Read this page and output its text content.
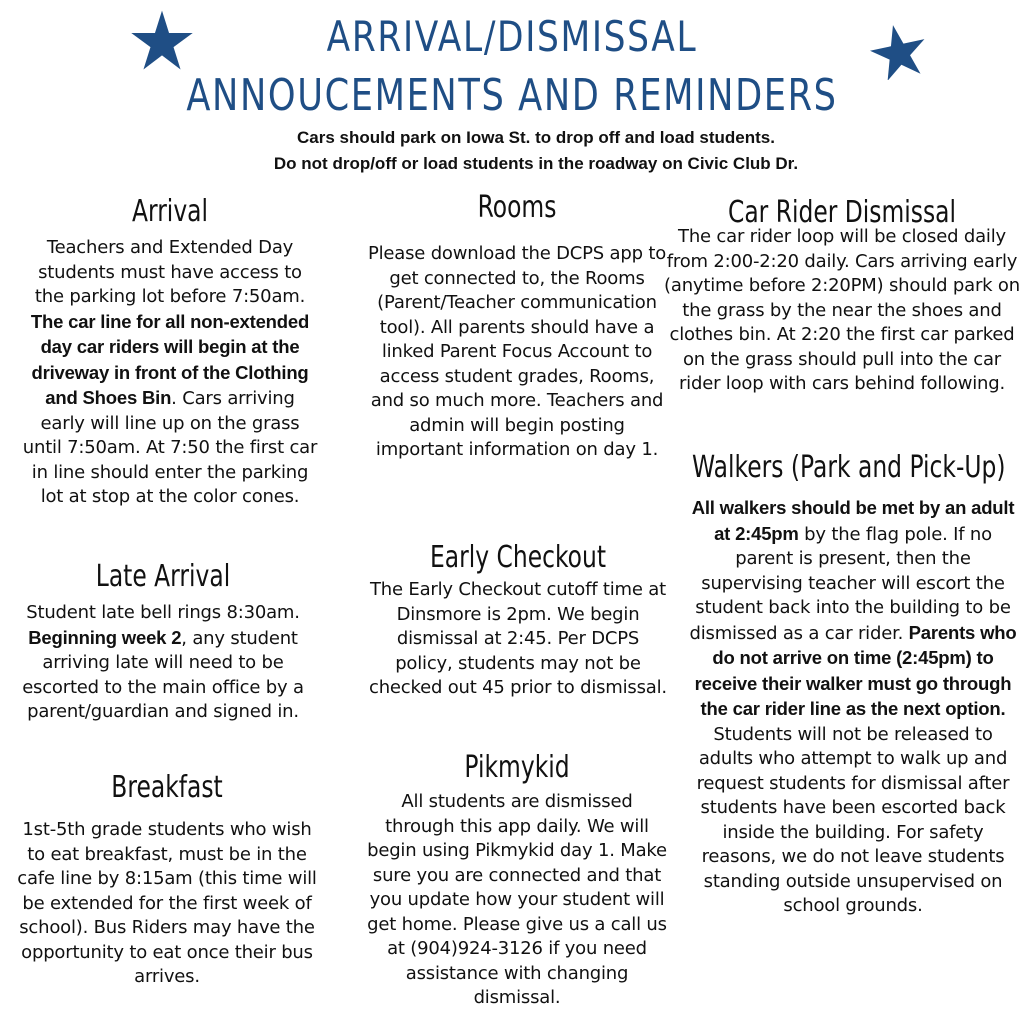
ARRIVAL/DISMISSAL
ANNOUCEMENTS AND REMINDERS

Cars should park on Iowa St. to drop off and load students.

Do not drop/off or load students in the roadway on Civic Club Dr.

Arrival

Teachers and Extended Day students must have access to the parking lot before 7:50am. The car line for all non-extended day car riders will begin at the driveway in front of the Clothing and Shoes Bin. Cars arriving early will line up on the grass until 7:50am. At 7:50 the first car in line should enter the parking lot at stop at the color cones.

Late Arrival

Student late bell rings 8:30am. Beginning week 2, any student arriving late will need to be escorted to the main office by a parent/guardian and signed in.

Breakfast

1st-5th grade students who wish to eat breakfast, must be in the cafe line by 8:15am (this time will be extended for the first week of school). Bus Riders may have the opportunity to eat once their bus arrives.

Rooms

Please download the DCPS app to get connected to, the Rooms (Parent/Teacher communication tool). All parents should have a linked Parent Focus Account to access student grades, Rooms, and so much more. Teachers and admin will begin posting important information on day 1.

Early Checkout

The Early Checkout cutoff time at Dinsmore is 2pm. We begin dismissal at 2:45. Per DCPS policy, students may not be checked out 45 prior to dismissal.

Pikmykid

All students are dismissed through this app daily. We will begin using Pikmykid day 1. Make sure you are connected and that you update how your student will get home. Please give us a call us at (904)924-3126 if you need assistance with changing dismissal.

Car Rider Dismissal

The car rider loop will be closed daily from 2:00-2:20 daily. Cars arriving early (anytime before 2:20PM) should park on the grass by the near the shoes and clothes bin. At 2:20 the first car parked on the grass should pull into the car rider loop with cars behind following.

Walkers (Park and Pick-Up)

All walkers should be met by an adult at 2:45pm by the flag pole. If no parent is present, then the supervising teacher will escort the student back into the building to be dismissed as a car rider. Parents who do not arrive on time (2:45pm) to receive their walker must go through the car rider line as the next option. Students will not be released to adults who attempt to walk up and request students for dismissal after students have been escorted back inside the building. For safety reasons, we do not leave students standing outside unsupervised on school grounds.
